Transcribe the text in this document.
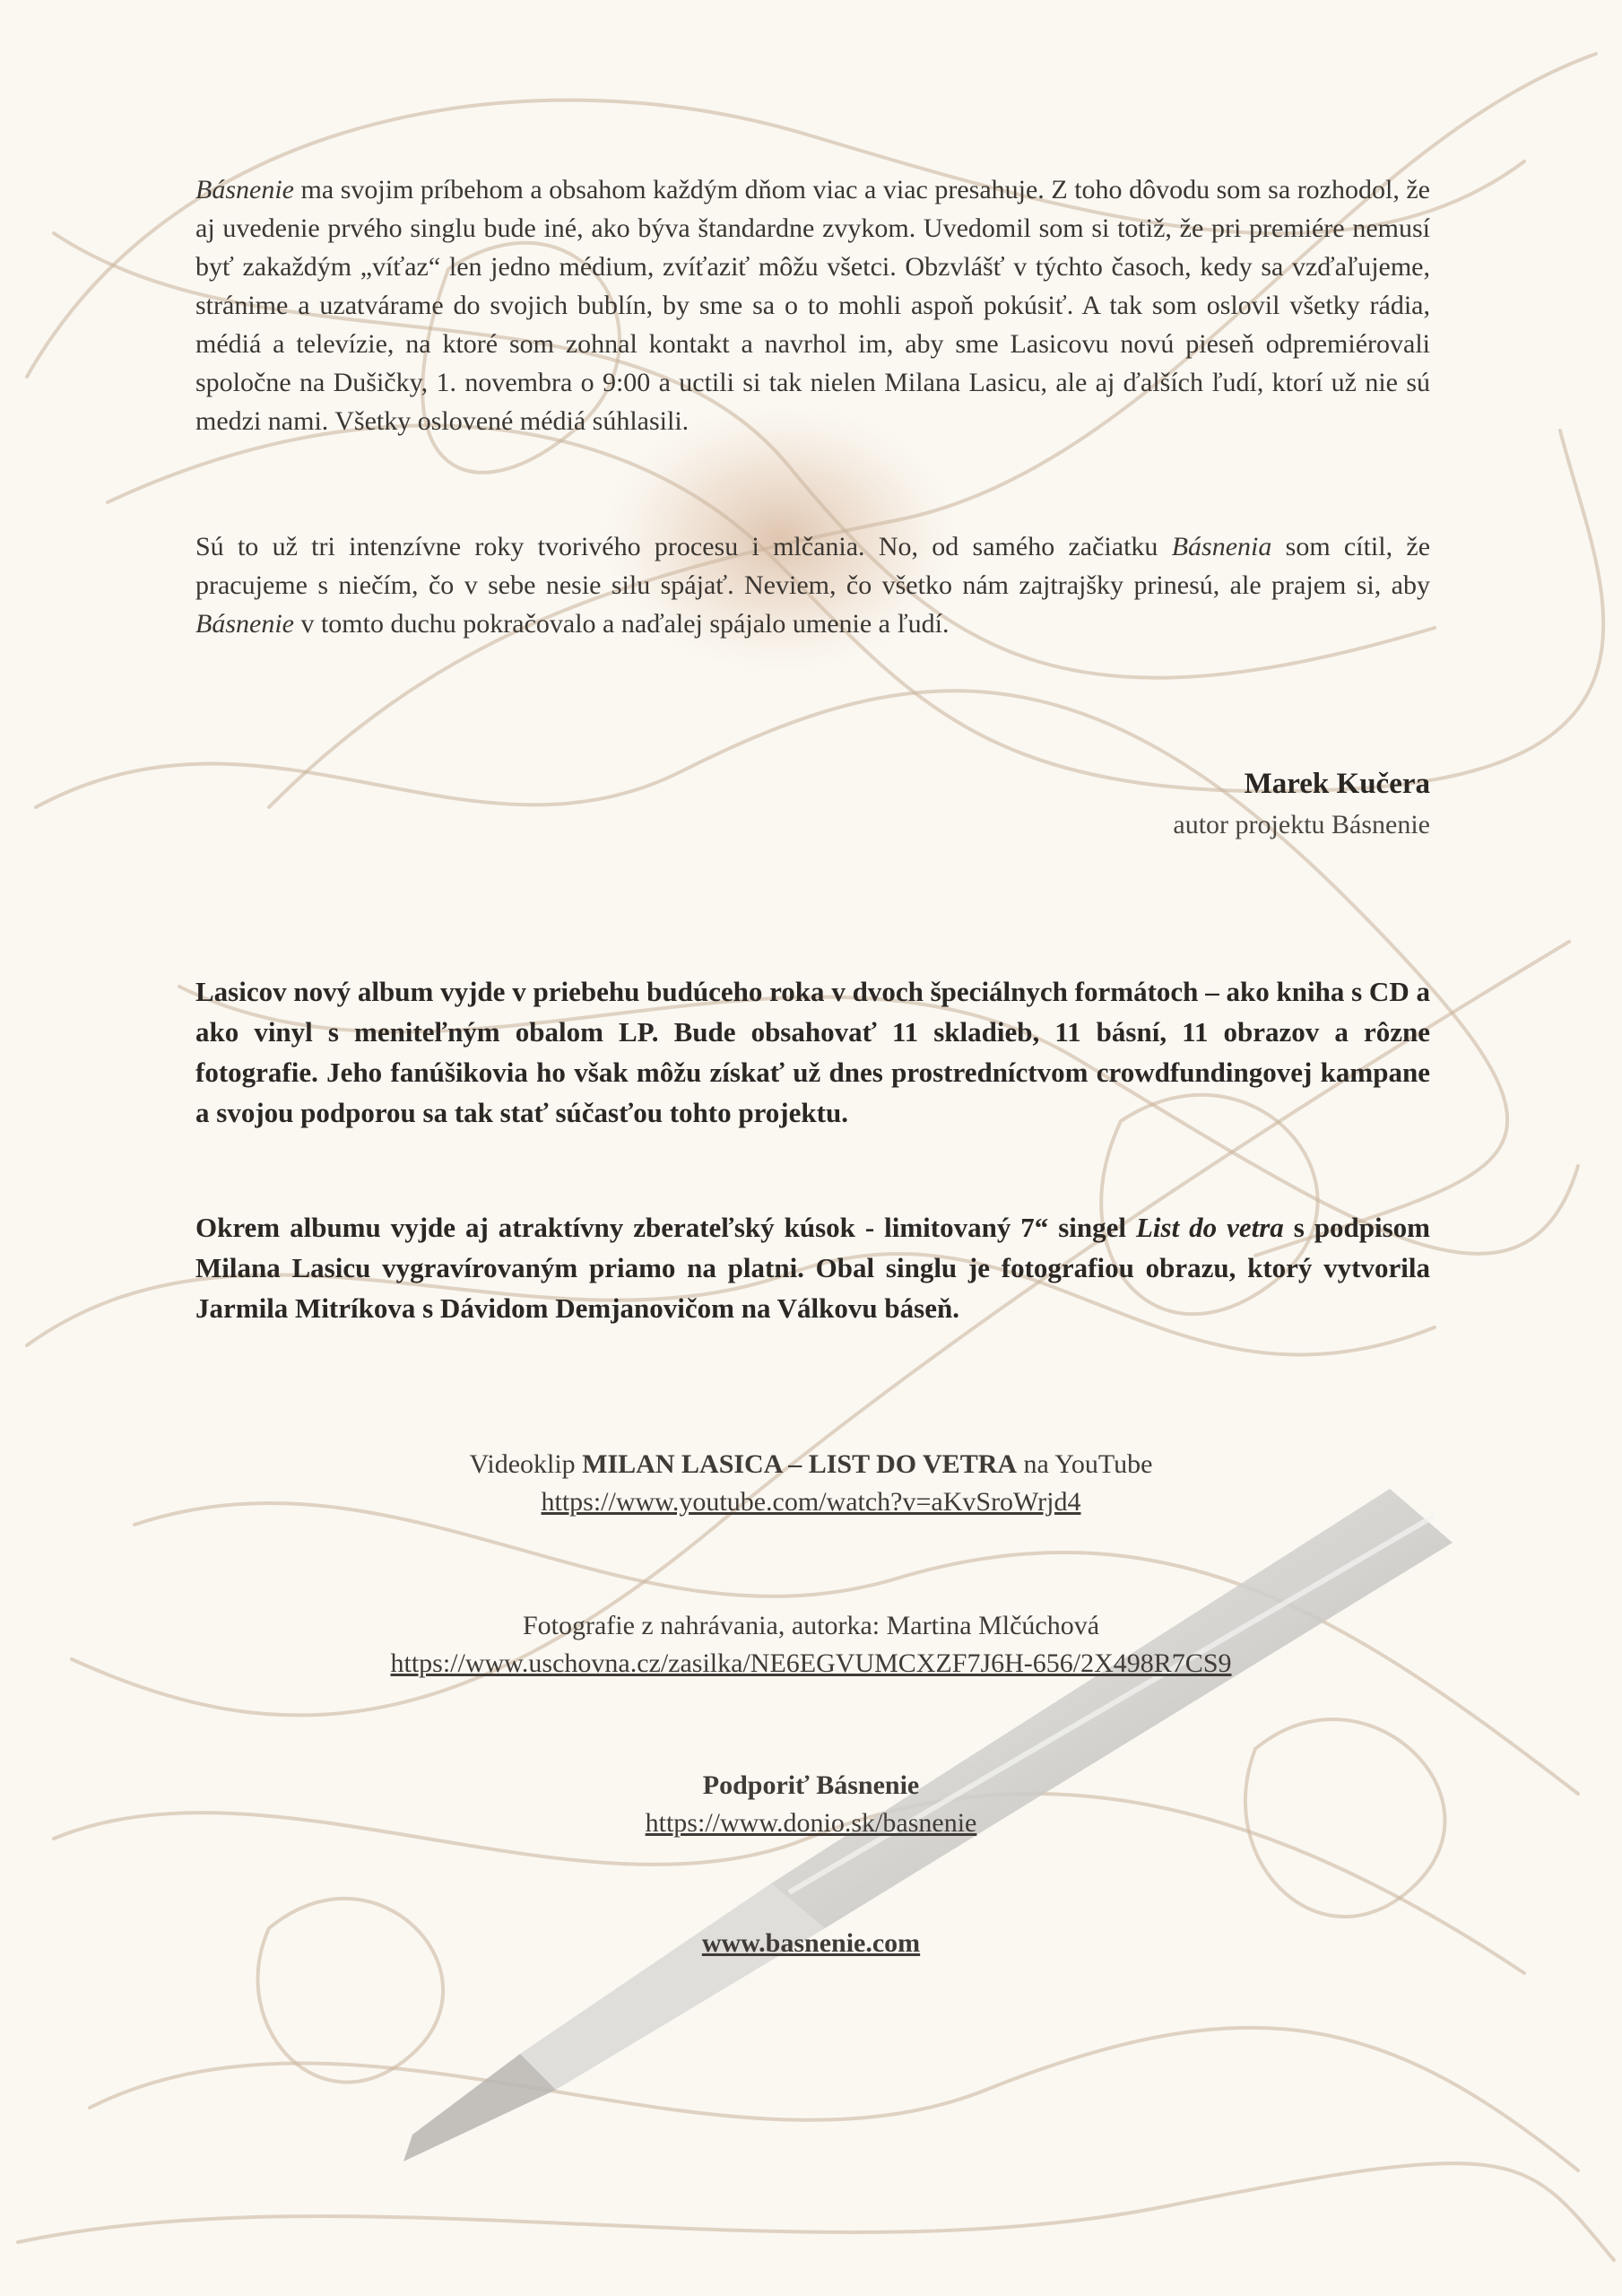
Básnenie ma svojim príbehom a obsahom každým dňom viac a viac presahuje. Z toho dôvodu som sa rozhodol, že aj uvedenie prvého singlu bude iné, ako býva štandardne zvykom. Uvedomil som si totiž, že pri premiére nemusí byť zakaždým „víťaz“ len jedno médium, zvíťaziť môžu všetci. Obzvlášť v týchto časoch, kedy sa vzďaľujeme, stránime a uzatvárame do svojich bublín, by sme sa o to mohli aspoň pokúsiť. A tak som oslovil všetky rádia, médiá a televízie, na ktoré som zohnal kontakt a navrhol im, aby sme Lasicovu novú pieseň odpremiérovali spoločne na Dušičky, 1. novembra o 9:00 a uctili si tak nielen Milana Lasicu, ale aj ďalších ľudí, ktorí už nie sú medzi nami. Všetky oslovené médiá súhlasili.

Sú to už tri intenzívne roky tvorivého procesu i mlčania. No, od samého začiatku Básnenia som cítil, že pracujeme s niečím, čo v sebe nesie silu spájať. Neviem, čo všetko nám zajtrajšky prinesú, ale prajem si, aby Básnenie v tomto duchu pokračovalo a naďalej spájalo umenie a ľudí.

Marek Kučera

autor projektu Básnenie

Lasicov nový album vyjde v priebehu budúceho roka v dvoch špeciálnych formátoch – ako kniha s CD a ako vinyl s meniteľným obalom LP. Bude obsahovať 11 skladieb, 11 básní, 11 obrazov a rôzne fotografie. Jeho fanúšikovia ho však môžu získať už dnes prostredníctvom crowdfundingovej kampane a svojou podporou sa tak stať súčasťou tohto projektu.

Okrem albumu vyjde aj atraktívny zberateľský kúsok - limitovaný 7“ singel List do vetra s podpisom Milana Lasicu vygravírovaným priamo na platni. Obal singlu je fotografiou obrazu, ktorý vytvorila Jarmila Mitríkova s Dávidom Demjanovičom na Válkovu báseň.

Videoklip MILAN LASICA – LIST DO VETRA na YouTube
https://www.youtube.com/watch?v=aKvSroWrjd4
Fotografie z nahrávania, autorka: Martina Mlčúchová
https://www.uschovna.cz/zasilka/NE6EGVUMCXZF7J6H-656/2X498R7CS9
Podporiť Básnenie
https://www.donio.sk/basnenie
www.basnenie.com
